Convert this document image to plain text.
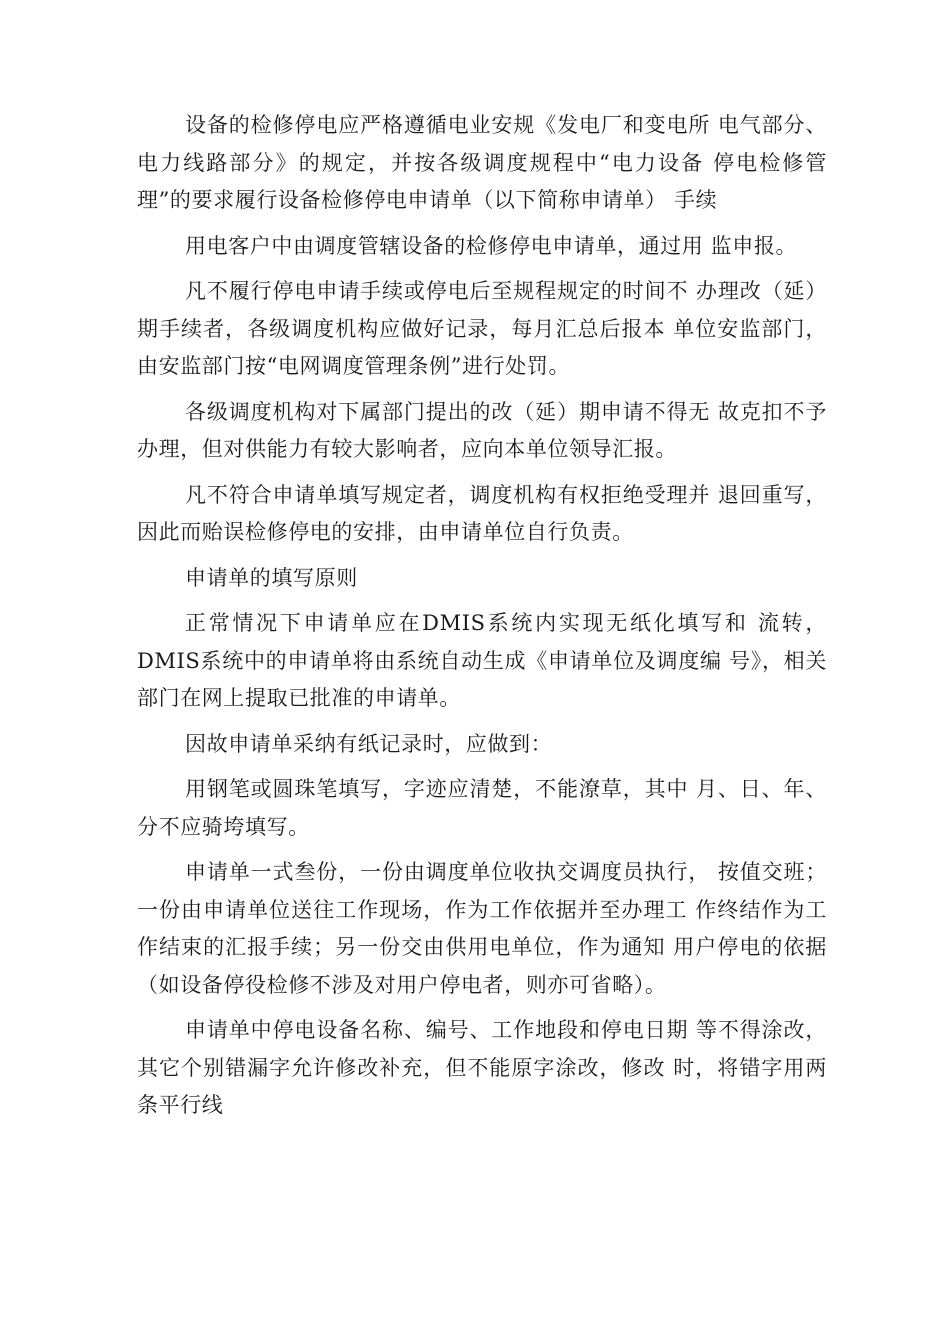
设备的检修停电应严格遵循电业安规《发电厂和变电所 电气部分、电力线路部分》的规定，并按各级调度规程中“电力设备 停电检修管理”的要求履行设备检修停电申请单（以下简称申请单） 手续

用电客户中由调度管辖设备的检修停电申请单，通过用 监申报。

凡不履行停电申请手续或停电后至规程规定的时间不 办理改（延）期手续者，各级调度机构应做好记录，每月汇总后报本 单位安监部门，由安监部门按“电网调度管理条例”进行处罚。

各级调度机构对下属部门提出的改（延）期申请不得无 故克扣不予办理，但对供能力有较大影响者，应向本单位领导汇报。

凡不符合申请单填写规定者，调度机构有权拒绝受理并 退回重写，因此而贻误检修停电的安排，由申请单位自行负责。

申请单的填写原则

正常情况下申请单应在DMIS系统内实现无纸化填写和 流转，DMIS系统中的申请单将由系统自动生成《申请单位及调度编 号》，相关部门在网上提取已批准的申请单。

因故申请单采纳有纸记录时，应做到：

用钢笔或圆珠笔填写，字迹应清楚，不能潦草，其中 月、日、年、分不应骑垮填写。

申请单一式叁份，一份由调度单位收执交调度员执行， 按值交班；一份由申请单位送往工作现场，作为工作依据并至办理工 作终结作为工作结束的汇报手续；另一份交由供用电单位，作为通知 用户停电的依据（如设备停役检修不涉及对用户停电者，则亦可省略）。

申请单中停电设备名称、编号、工作地段和停电日期 等不得涂改，其它个别错漏字允许修改补充，但不能原字涂改，修改 时，将错字用两条平行线
